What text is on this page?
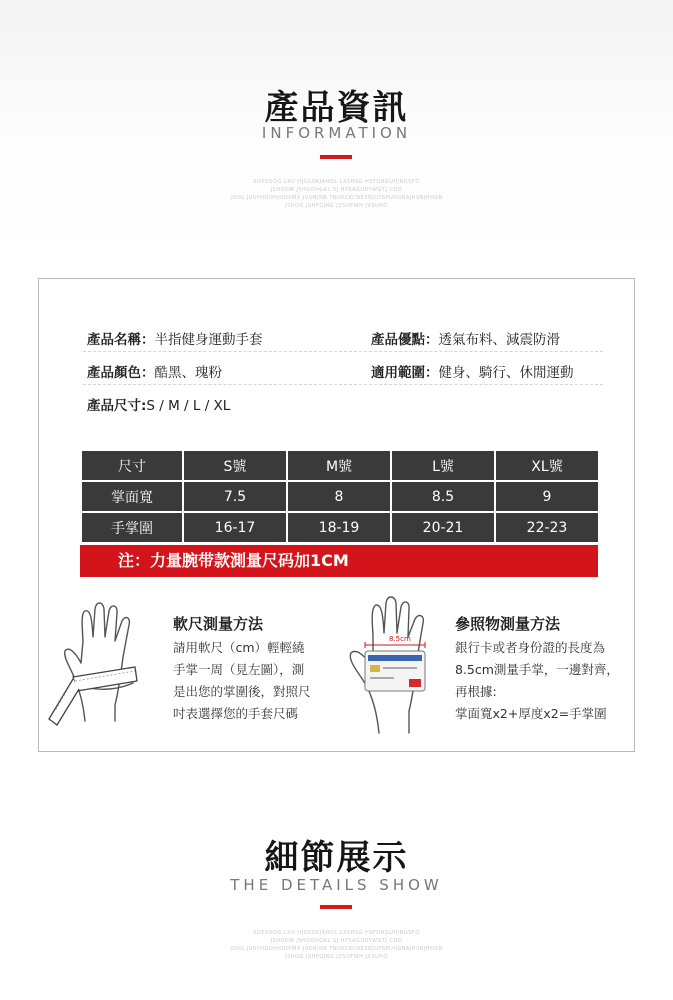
產品資訊
INFORMATION
SOPSOOG LXU HJSGOKJAHOL LXSHSG HSFDHGUHJNGSFO
JSHOGM JSHGOHGKL SJ HYSAGUDYWGTJ COO
JSHG JUSYHGOHJOOVMX JVOBJNB TNUKCKCNEXOJUYSPUHGBAJHVBJHHGB
JSHOG JSHFGJNG JZSOFWH JXSUHO
產品名稱：半指健身運動手套	產品優點：透氣布料、減震防滑
產品顏色：酷黑、瑰粉	適用範圍：健身、騎行、休閒運動
產品尺寸:S / M / L / XL
尺寸	S號	M號	L號	XL號
掌面寬	7.5	8	8.5	9
手掌圍	16-17	18-19	20-21	22-23
注：力量腕带款測量尺码加1CM
軟尺測量方法
請用軟尺（cm）輕輕繞
手掌一周（見左圖），測
是出您的掌圍後，對照尺
吋表選擇您的手套尺碼
8.5cm
參照物測量方法
銀行卡或者身份證的長度為
8.5cm測量手掌，一邊對齊，
再根據:
掌面寬x2+厚度x2=手掌圍
細節展示
THE DETAILS SHOW
SOPSOOG LXU HJSGOKJAHOL LXSHSG HSFDHGUHJNGSFO
JSHOGM JSHGOHGKL SJ HYSAGUDYWGTJ COO
JSHG JUSYHGOHJOOVMX JVOBJNB TNUKCKCNEXOJUYSPUHGBAJHVBJHHGB
JSHOG JSHFGJNG JZSOFWH JXSUHO
